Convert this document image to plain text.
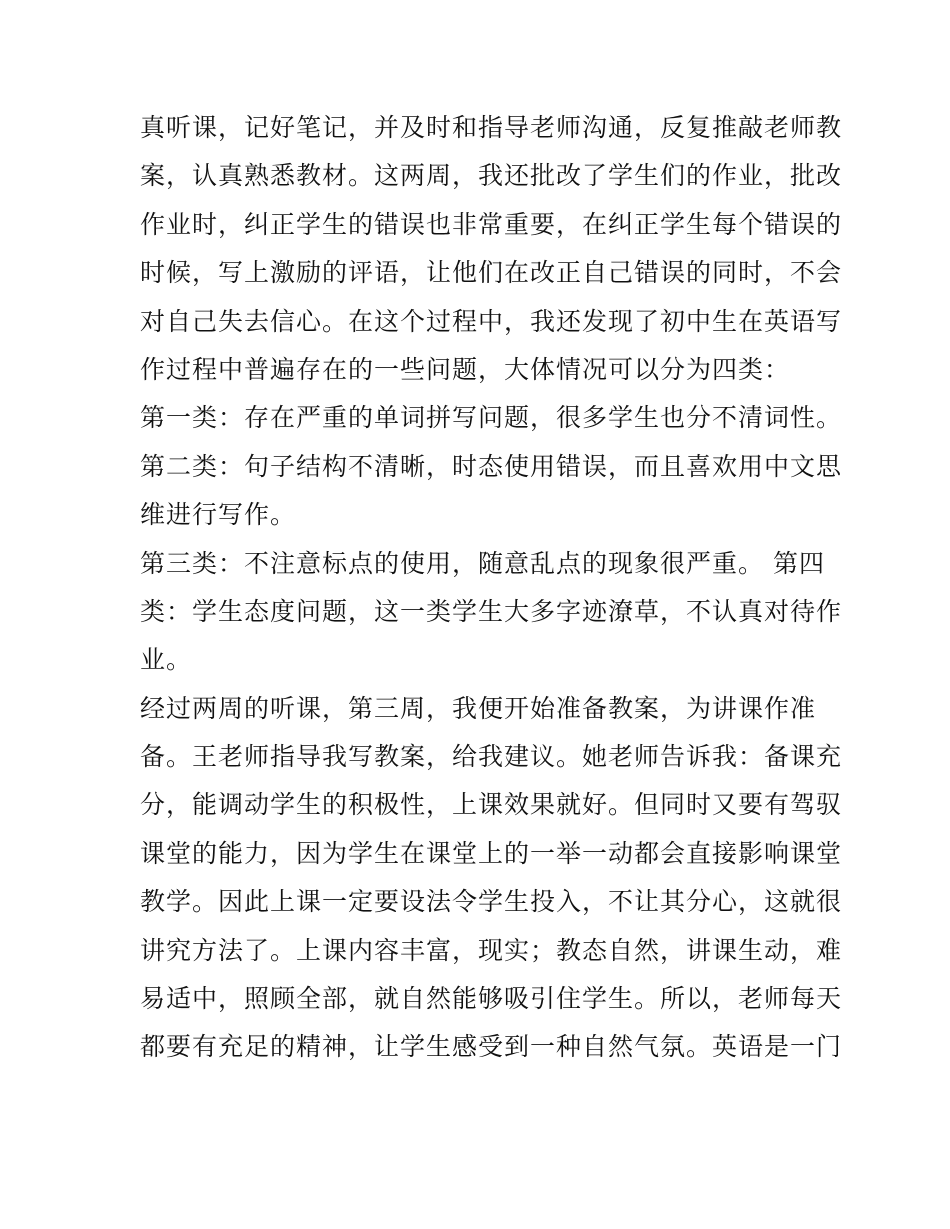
真听课，记好笔记，并及时和指导老师沟通，反复推敲老师教
案，认真熟悉教材。这两周，我还批改了学生们的作业，批改
作业时，纠正学生的错误也非常重要，在纠正学生每个错误的
时候，写上激励的评语，让他们在改正自己错误的同时，不会
对自己失去信心。在这个过程中，我还发现了初中生在英语写
作过程中普遍存在的一些问题，大体情况可以分为四类：
第一类：存在严重的单词拼写问题，很多学生也分不清词性。
第二类：句子结构不清晰，时态使用错误，而且喜欢用中文思
维进行写作。
第三类：不注意标点的使用，随意乱点的现象很严重。 第四
类：学生态度问题，这一类学生大多字迹潦草，不认真对待作
业。
经过两周的听课，第三周，我便开始准备教案，为讲课作准
备。王老师指导我写教案，给我建议。她老师告诉我：备课充
分，能调动学生的积极性，上课效果就好。但同时又要有驾驭
课堂的能力，因为学生在课堂上的一举一动都会直接影响课堂
教学。因此上课一定要设法令学生投入，不让其分心，这就很
讲究方法了。上课内容丰富，现实；教态自然，讲课生动，难
易适中，照顾全部，就自然能够吸引住学生。所以，老师每天
都要有充足的精神，让学生感受到一种自然气氛。英语是一门
